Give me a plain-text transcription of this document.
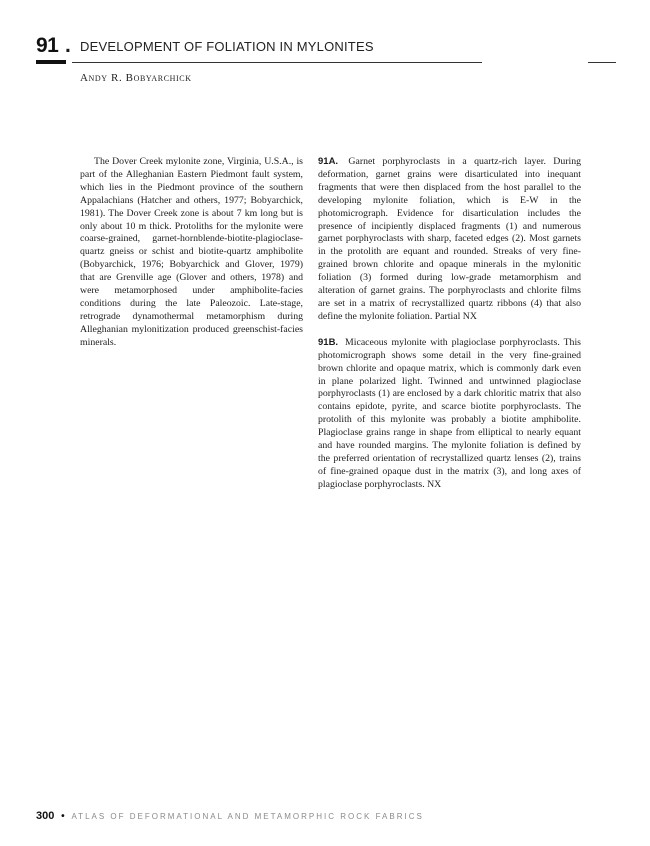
91 . DEVELOPMENT OF FOLIATION IN MYLONITES
Andy R. Bobyarchick

The Dover Creek mylonite zone, Virginia, U.S.A., is part of the Alleghanian Eastern Piedmont fault system, which lies in the Piedmont province of the southern Appalachians (Hatcher and others, 1977; Bobyarchick, 1981). The Dover Creek zone is about 7 km long but is only about 10 m thick. Protoliths for the mylonite were coarse-grained, garnet-hornblende-biotite-plagioclase-quartz gneiss or schist and biotite-quartz amphibolite (Bobyarchick, 1976; Bobyarchick and Glover, 1979) that are Grenville age (Glover and others, 1978) and were metamorphosed under amphibolite-facies conditions during the late Paleozoic. Late-stage, retrograde dynamothermal metamorphism during Alleghanian mylonitization produced greenschist-facies minerals.

91A. Garnet porphyroclasts in a quartz-rich layer. During deformation, garnet grains were disarticulated into inequant fragments that were then displaced from the host parallel to the developing mylonite foliation, which is E-W in the photomicrograph. Evidence for disarticulation includes the presence of incipiently displaced fragments (1) and numerous garnet porphyroclasts with sharp, faceted edges (2). Most garnets in the protolith are equant and rounded. Streaks of very fine-grained brown chlorite and opaque minerals in the mylonitic foliation (3) formed during low-grade metamorphism and alteration of garnet grains. The porphyroclasts and chlorite films are set in a matrix of recrystallized quartz ribbons (4) that also define the mylonite foliation. Partial NX

91B. Micaceous mylonite with plagioclase porphyroclasts. This photomicrograph shows some detail in the very fine-grained brown chlorite and opaque matrix, which is commonly dark even in plane polarized light. Twinned and untwinned plagioclase porphyroclasts (1) are enclosed by a dark chloritic matrix that also contains epidote, pyrite, and scarce biotite porphyroclasts. The protolith of this mylonite was probably a biotite amphibolite. Plagioclase grains range in shape from elliptical to nearly equant and have rounded margins. The mylonite foliation is defined by the preferred orientation of recrystallized quartz lenses (2), trains of fine-grained opaque dust in the matrix (3), and long axes of plagioclase porphyroclasts. NX

300 • ATLAS OF DEFORMATIONAL AND METAMORPHIC ROCK FABRICS
